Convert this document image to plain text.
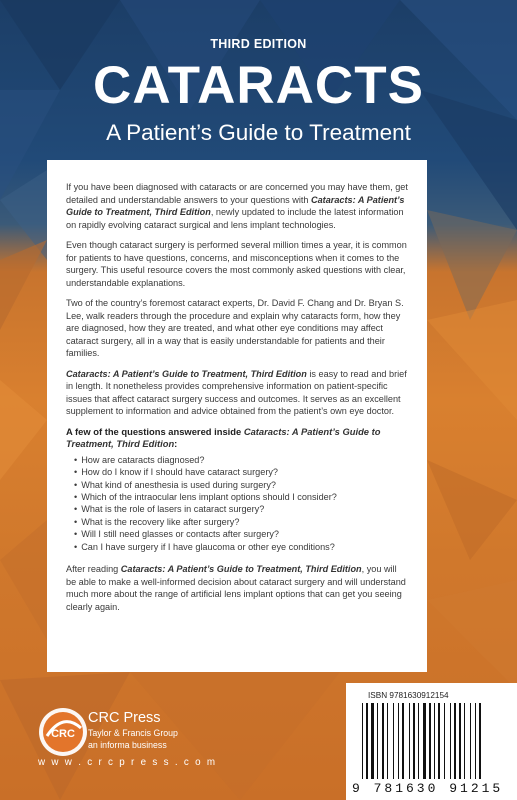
THIRD EDITION
CATARACTS
A Patient’s Guide to Treatment

If you have been diagnosed with cataracts or are concerned you may have them, get detailed and understandable answers to your questions with Cataracts: A Patient’s Guide to Treatment, Third Edition, newly updated to include the latest information on rapidly evolving cataract surgical and lens implant technologies.

Even though cataract surgery is performed several million times a year, it is common for patients to have questions, concerns, and misconceptions when it comes to the surgery. This useful resource covers the most commonly asked questions with clear, understandable explanations.

Two of the country’s foremost cataract experts, Dr. David F. Chang and Dr. Bryan S. Lee, walk readers through the procedure and explain why cataracts form, how they are diagnosed, how they are treated, and what other eye conditions may affect cataract surgery, all in a way that is easily understandable for patients and their families.

Cataracts: A Patient’s Guide to Treatment, Third Edition is easy to read and brief in length. It nonetheless provides comprehensive information on patient-specific issues that affect cataract surgery success and outcomes. It serves as an excellent supplement to information and advice obtained from the patient’s own eye doctor.

A few of the questions answered inside Cataracts: A Patient’s Guide to Treatment, Third Edition:
• How are cataracts diagnosed?
• How do I know if I should have cataract surgery?
• What kind of anesthesia is used during surgery?
• Which of the intraocular lens implant options should I consider?
• What is the role of lasers in cataract surgery?
• What is the recovery like after surgery?
• Will I still need glasses or contacts after surgery?
• Can I have surgery if I have glaucoma or other eye conditions?

After reading Cataracts: A Patient’s Guide to Treatment, Third Edition, you will be able to make a well-informed decision about cataract surgery and will understand much more about the range of artificial lens implant options that can get you seeing clearly again.

CRC
CRC Press
Taylor & Francis Group
an informa business
w w w . c r c p r e s s . c o m
ISBN 9781630912154
9 781630 91215
